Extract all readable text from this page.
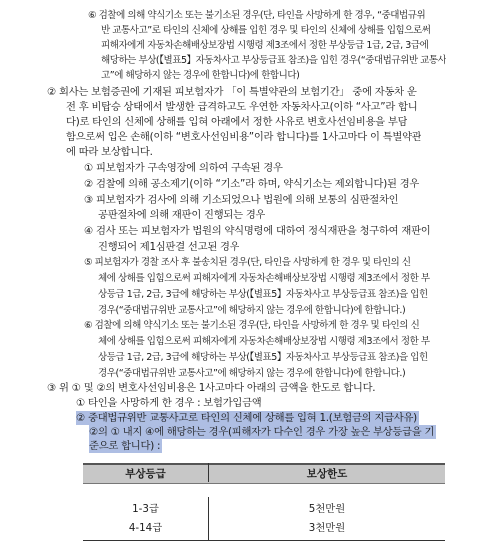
⑥ 검찰에 의해 약식기소 또는 불기소된 경우(단, 타인을 사망하게 한 경우, “중대법규위
반 교통사고”로 타인의 신체에 상해를 입힌 경우 및 타인의 신체에 상해를 입힘으로써
피해자에게 자동차손해배상보장법 시행령 제3조에서 정한 부상등급 1급, 2급, 3급에
해당하는 부상(【별표5】자동차사고 부상등급표 참조)을 입힌 경우(“중대법규위반 교통사
고”에 해당하지 않는 경우에 한합니다)에 한합니다)
② 회사는 보험증권에 기재된 피보험자가 「이 특별약관의 보험기간」 중에 자동차 운
전 후 비탑승 상태에서 발생한 급격하고도 우연한 자동차사고(이하 “사고”라 합니
다)로 타인의 신체에 상해를 입혀 아래에서 정한 사유로 변호사선임비용을 부담
함으로써 입은 손해(이하 “변호사선임비용”이라 합니다)를 1사고마다 이 특별약관
에 따라 보상합니다.
① 피보험자가 구속영장에 의하여 구속된 경우
② 검찰에 의해 공소제기(이하 “기소”라 하며, 약식기소는 제외합니다)된 경우
③ 피보험자가 검사에 의해 기소되었으나 법원에 의해 보통의 심판절차인
공판절차에 의해 재판이 진행되는 경우
④ 검사 또는 피보험자가 법원의 약식명령에 대하여 정식재판을 청구하여 재판이
진행되어 제1심판결 선고된 경우
⑤ 피보험자가 경찰 조사 후 불송치된 경우(단, 타인을 사망하게 한 경우 및 타인의 신
체에 상해를 입힘으로써 피해자에게 자동차손해배상보장법 시행령 제3조에서 정한 부
상등급 1급, 2급, 3급에 해당하는 부상(【별표5】자동차사고 부상등급표 참조)을 입힌
경우(“중대법규위반 교통사고”에 해당하지 않는 경우에 한합니다)에 한합니다.)
⑥ 검찰에 의해 약식기소 또는 불기소된 경우(단, 타인을 사망하게 한 경우 및 타인의 신
체에 상해를 입힘으로써 피해자에게 자동차손해배상보장법 시행령 제3조에서 정한 부
상등급 1급, 2급, 3급에 해당하는 부상(【별표5】자동차사고 부상등급표 참조)을 입힌
경우(“중대법규위반 교통사고”에 해당하지 않는 경우에 한합니다)에 한합니다.)
③ 위 ① 및 ②의 변호사선임비용은 1사고마다 아래의 금액을 한도로 합니다.
① 타인을 사망하게 한 경우 : 보험가입금액
② 중대법규위반 교통사고로 타인의 신체에 상해를 입혀 1.(보험금의 지급사유)
②의 ① 내지 ④에 해당하는 경우(피해자가 다수인 경우 가장 높은 부상등급을 기
준으로 합니다) :
부상등급	보상한도
1-3급	5천만원
4-14급	3천만원
